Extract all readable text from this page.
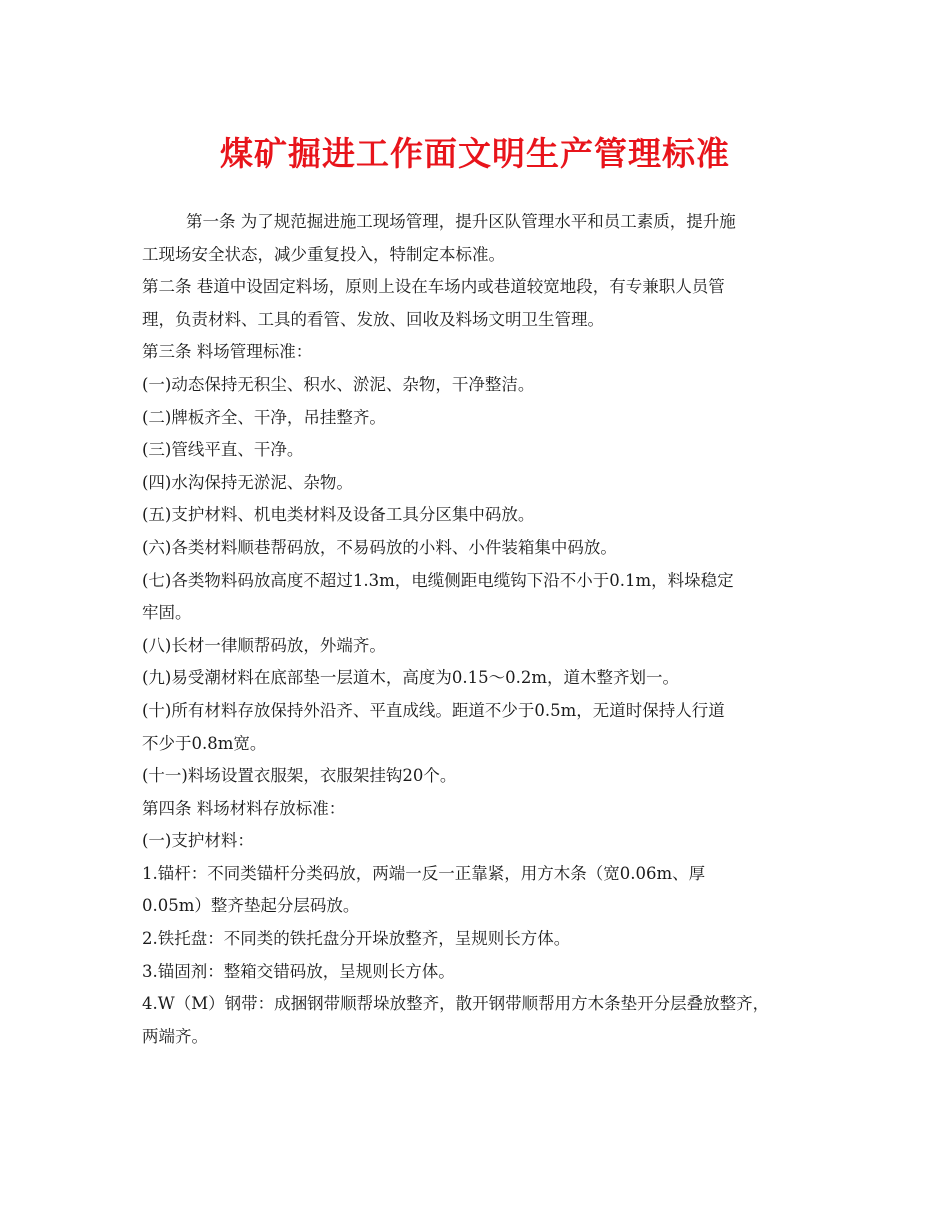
煤矿掘进工作面文明生产管理标准
第一条 为了规范掘进施工现场管理，提升区队管理水平和员工素质，提升施
工现场安全状态，减少重复投入，特制定本标准。
第二条 巷道中设固定料场，原则上设在车场内或巷道较宽地段，有专兼职人员管
理，负责材料、工具的看管、发放、回收及料场文明卫生管理。
第三条 料场管理标准：
(一)动态保持无积尘、积水、淤泥、杂物，干净整洁。
(二)牌板齐全、干净，吊挂整齐。
(三)管线平直、干净。
(四)水沟保持无淤泥、杂物。
(五)支护材料、机电类材料及设备工具分区集中码放。
(六)各类材料顺巷帮码放，不易码放的小料、小件装箱集中码放。
(七)各类物料码放高度不超过1.3m，电缆侧距电缆钩下沿不小于0.1m，料垛稳定
牢固。
(八)长材一律顺帮码放，外端齐。
(九)易受潮材料在底部垫一层道木，高度为0.15～0.2m，道木整齐划一。
(十)所有材料存放保持外沿齐、平直成线。距道不少于0.5m，无道时保持人行道
不少于0.8m宽。
(十一)料场设置衣服架，衣服架挂钩20个。
第四条 料场材料存放标准：
(一)支护材料：
1.锚杆：不同类锚杆分类码放，两端一反一正靠紧，用方木条（宽0.06m、厚
0.05m）整齐垫起分层码放。
2.铁托盘：不同类的铁托盘分开垛放整齐，呈规则长方体。
3.锚固剂：整箱交错码放，呈规则长方体。
4.W（M）钢带：成捆钢带顺帮垛放整齐，散开钢带顺帮用方木条垫开分层叠放整齐，
两端齐。
